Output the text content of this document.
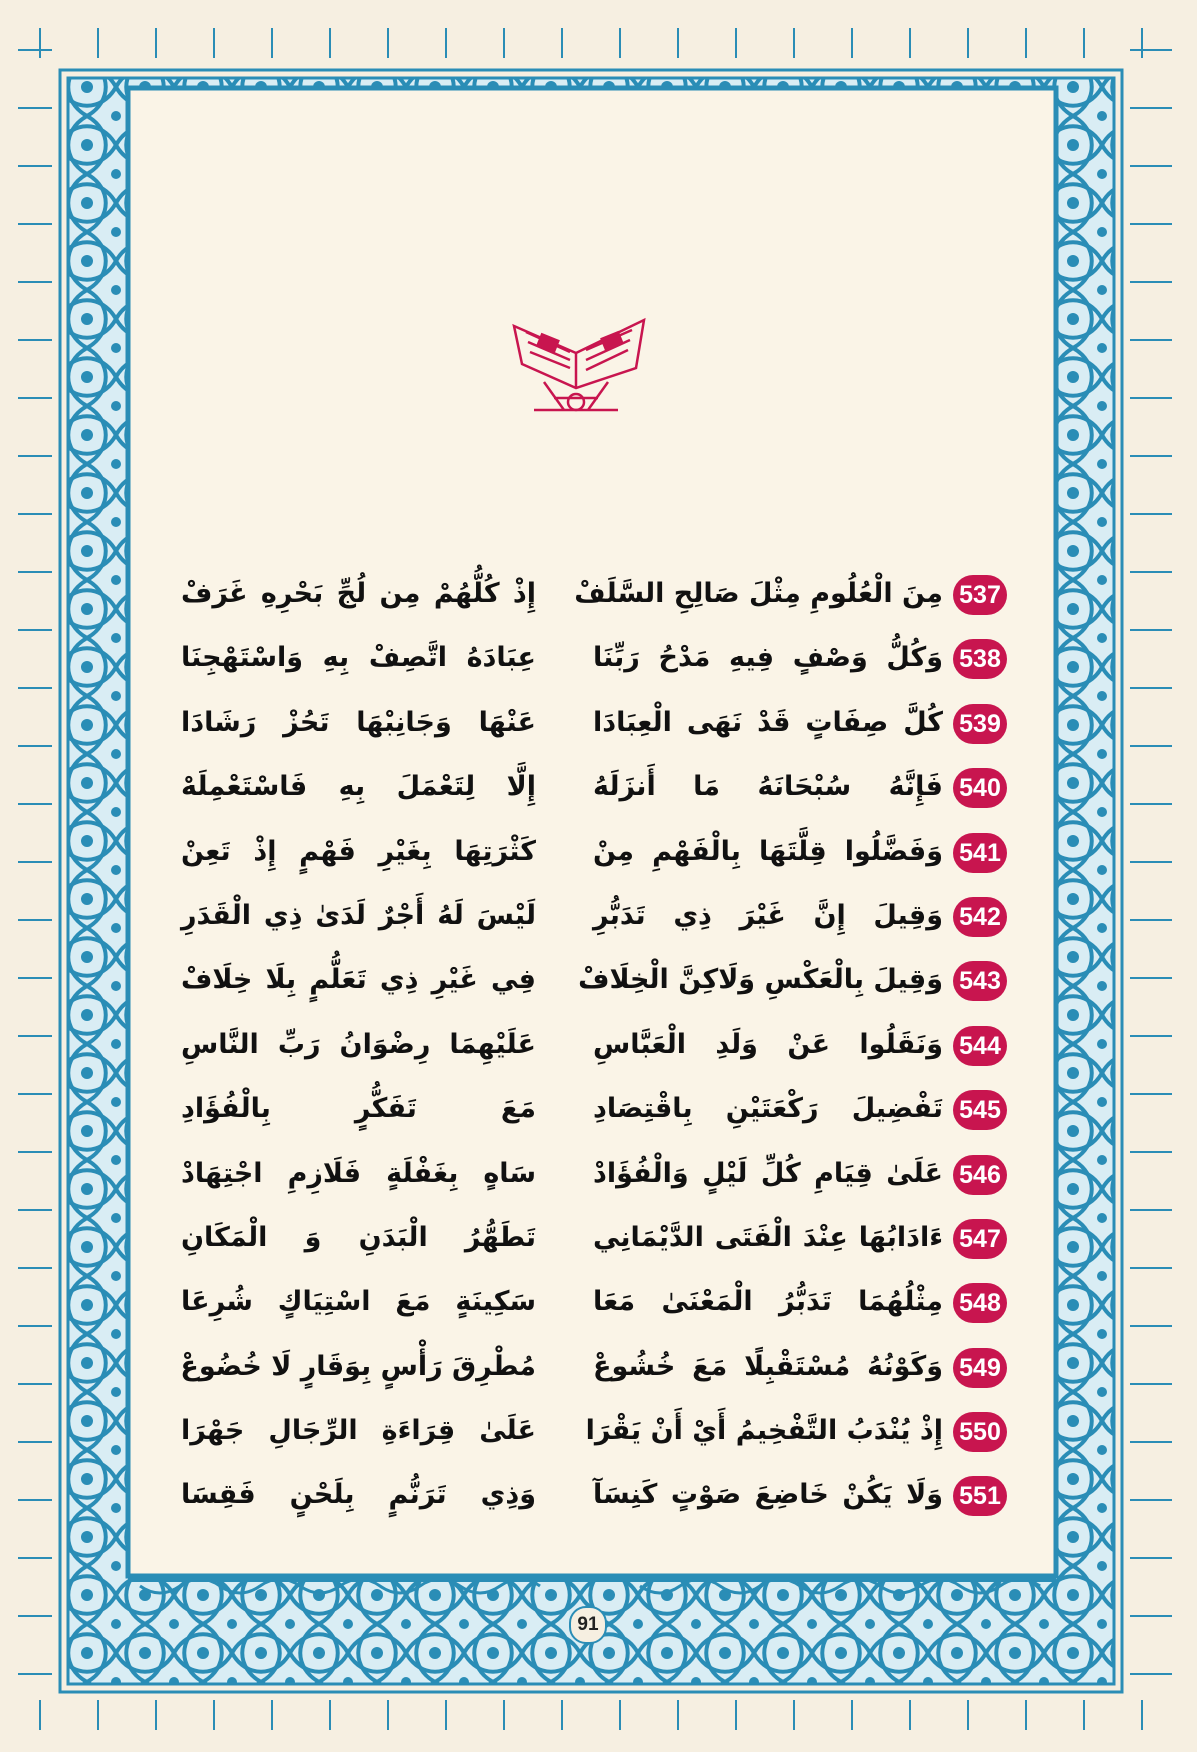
537
مِنَ الْعُلُومِ مِثْلَ صَالِحِ السَّلَفْ
إِذْ كُلُّهُمْ مِن لُجِّ بَحْرِهِ غَرَفْ
538
وَكُلُّ وَصْفٍ فِيهِ مَدْحُ رَبِّنَا
عِبَادَهُ اتَّصِفْ بِهِ وَاسْتَهْجِنَا
539
كُلَّ صِفَاتٍ قَدْ نَهَى الْعِبَادَا
عَنْهَا وَجَانِبْهَا تَحُزْ رَشَادَا
540
فَإِنَّهُ سُبْحَانَهُ مَا أَنزَلَهُ
إِلَّا لِتَعْمَلَ بِهِ فَاسْتَعْمِلَهْ
541
وَفَضَّلُوا قِلَّتَهَا بِالْفَهْمِ مِنْ
كَثْرَتِهَا بِغَيْرِ فَهْمٍ إِذْ تَعِنْ
542
وَقِيلَ إِنَّ غَيْرَ ذِي تَدَبُّرِ
لَيْسَ لَهُ أَجْرٌ لَدَىٰ ذِي الْقَدَرِ
543
وَقِيلَ بِالْعَكْسِ وَلَاكِنَّ الْخِلَافْ
فِي غَيْرِ ذِي تَعَلُّمٍ بِلَا خِلَافْ
544
وَنَقَلُوا عَنْ وَلَدِ الْعَبَّاسِ
عَلَيْهِمَا رِضْوَانُ رَبِّ النَّاسِ
545
تَفْضِيلَ رَكْعَتَيْنِ بِاقْتِصَادِ
مَعَ تَفَكُّرٍ بِالْفُؤَادِ
546
عَلَىٰ قِيَامِ كُلِّ لَيْلٍ وَالْفُؤَادْ
سَاهٍ بِغَفْلَةٍ فَلَازِمِ اجْتِهَادْ
547
ءَادَابُهَا عِنْدَ الْفَتَى الدَّيْمَانِي
تَطَهُّرُ الْبَدَنِ وَ الْمَكَانِ
548
مِثْلُهُمَا تَدَبُّرُ الْمَعْنَىٰ مَعَا
سَكِينَةٍ مَعَ اسْتِيَاكٍ شُرِعَا
549
وَكَوْنُهُ مُسْتَقْبِلًا مَعَ خُشُوعْ
مُطْرِقَ رَأْسٍ بِوَقَارٍ لَا خُضُوعْ
550
إِذْ يُنْدَبُ التَّفْخِيمُ أَيْ أَنْ يَقْرَا
عَلَىٰ قِرَاءَةِ الرِّجَالِ جَهْرَا
551
وَلَا يَكُنْ خَاضِعَ صَوْتٍ كَنِسَآ
وَذِي تَرَنُّمٍ بِلَحْنٍ فَقِسَا
91
